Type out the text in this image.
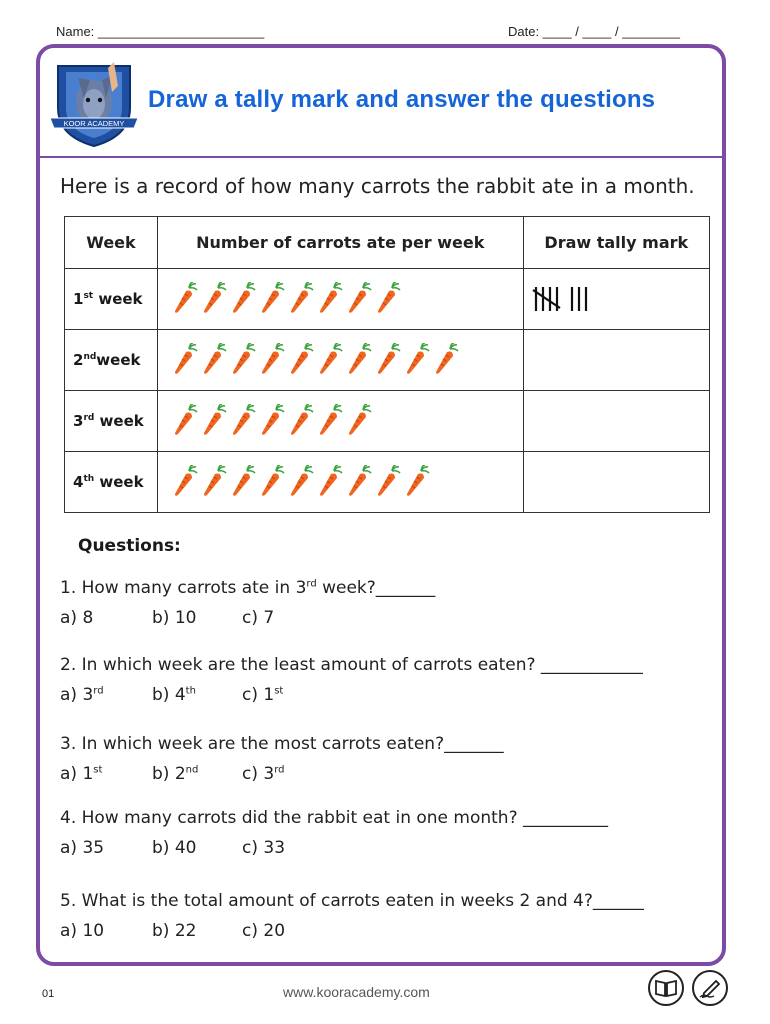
Name: _______________________	Date: ____ / ____ / ________
KOOR ACADEMY
Draw a tally mark and answer the questions
Here is a record of how many carrots the rabbit ate in a month.
Week	Number of carrots ate per week	Draw tally mark
1st week	

2ndweek	

3rd week	

4th week	

Questions:
1. How many carrots ate in 3rd week?_______
a) 8	b) 10	c) 7
2. In which week are the least amount of carrots eaten? ____________
a) 3rd	b) 4th	c) 1st
3. In which week are the most carrots eaten?_______
a) 1st	b) 2nd	c) 3rd
4. How many carrots did the rabbit eat in one month? __________
a) 35	b) 40	c) 33
5. What is the total amount of carrots eaten in weeks 2 and 4?______
a) 10	b) 22	c) 20
01	www.kooracademy.com
